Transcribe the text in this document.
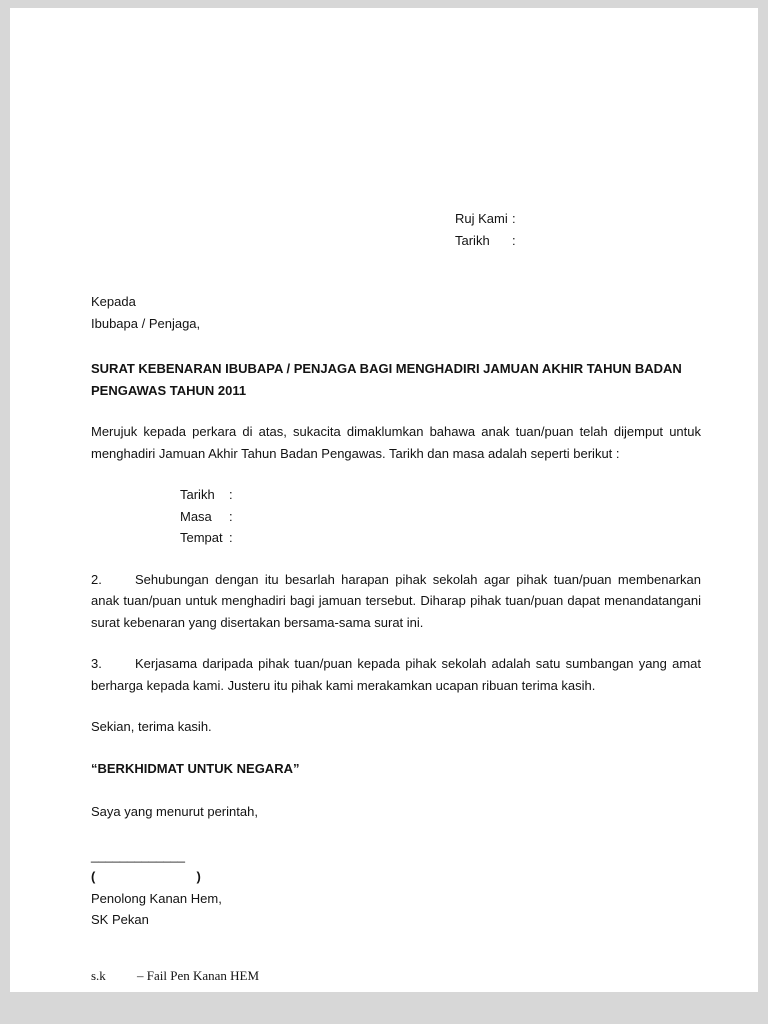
Ruj Kami :
Tarikh :
Kepada
Ibubapa / Penjaga,
SURAT KEBENARAN IBUBAPA / PENJAGA BAGI MENGHADIRI JAMUAN AKHIR TAHUN BADAN PENGAWAS TAHUN 2011
Merujuk kepada perkara di atas, sukacita dimaklumkan bahawa anak tuan/puan telah dijemput untuk menghadiri Jamuan Akhir Tahun Badan Pengawas. Tarikh dan masa adalah seperti berikut :
Tarikh :
Masa :
Tempat :
2.	Sehubungan dengan itu besarlah harapan pihak sekolah agar pihak tuan/puan membenarkan anak tuan/puan untuk menghadiri bagi jamuan tersebut. Diharap pihak tuan/puan dapat menandatangani surat kebenaran yang disertakan bersama-sama surat ini.
3.	Kerjasama daripada pihak tuan/puan kepada pihak sekolah adalah satu sumbangan yang amat berharga kepada kami. Justeru itu pihak kami merakamkan ucapan ribuan terima kasih.
Sekian, terima kasih.
“BERKHIDMAT UNTUK NEGARA”
Saya yang menurut perintah,
_____________
(                            )
Penolong Kanan Hem,
SK Pekan
s.k – Fail Pen Kanan HEM
